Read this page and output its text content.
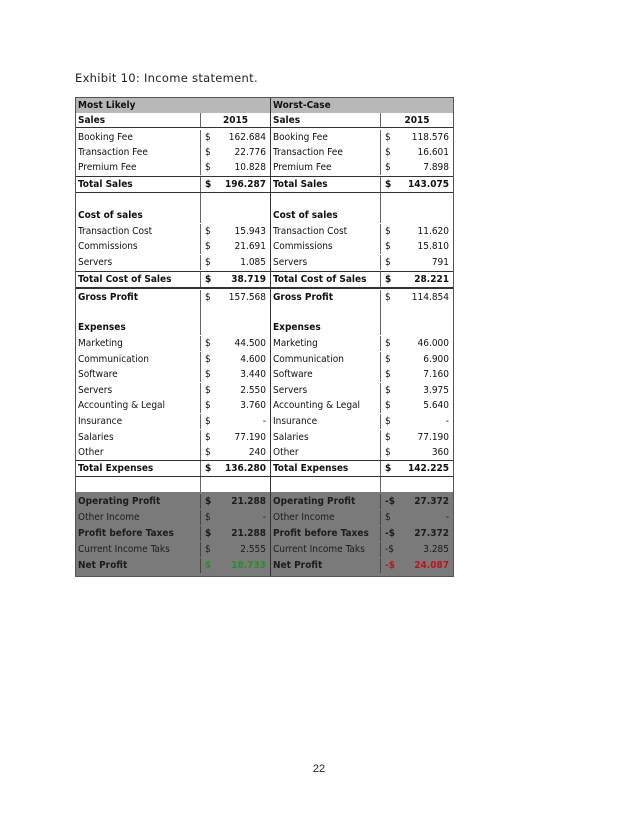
Exhibit 10: Income statement.
Most Likely
Sales	2015
Booking Fee	$ 162.684
Transaction Fee	$ 22.776
Premium Fee	$ 10.828
Total Sales	$ 196.287
Cost of sales
Transaction Cost	$ 15.943
Commissions	$ 21.691
Servers	$	1.085
Total Cost of Sales	$ 38.719
Gross Profit	$ 157.568
Expenses
Marketing	$ 44.500
Communication	$	4.600
Software	$	3.440
Servers	$	2.550
Accounting & Legal	$	3.760
Insurance	$	-
Salaries	$ 77.190
Other	$	240
Total Expenses	$ 136.280
Operating Profit	$ 21.288
Other Income	$	-
Profit before Taxes	$ 21.288
Current Income Taks	$	2.555
Net Profit	$ 18.733
Worst-Case
Sales	2015
Booking Fee	$ 118.576
Transaction Fee	$	16.601
Premium Fee	$	7.898
Total Sales	$ 143.075
Cost of sales
Transaction Cost	$	11.620
Commissions	$	15.810
Servers	$	791
Total Cost of Sales $ 28.221
Gross Profit	$ 114.854
Expenses
Marketing	$	46.000
Communication	$	6.900
Software	$	7.160
Servers	$	3.975
Accounting & Legal $	5.640
Insurance	$	-
Salaries	$	77.190
Other	$	360
Total Expenses	$ 142.225
Operating Profit	-$ 27.372
Other Income	$	-
Profit before Taxes -$ 27.372
Current Income Taks -$	3.285
Net Profit	-$ 24.087
22
